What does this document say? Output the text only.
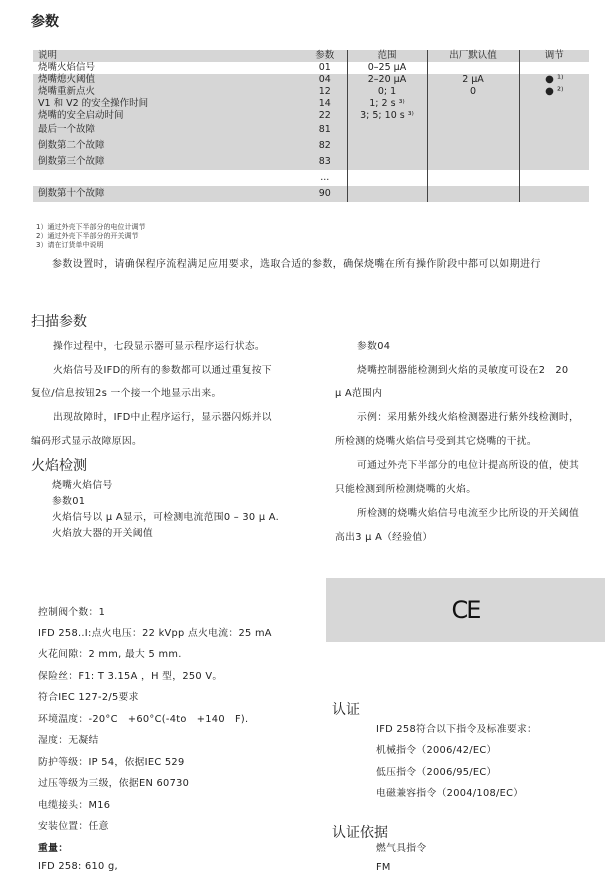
参数
说明	参数	范围	出厂默认值	调节
烧嘴火焰信号	01	0–25 μA		
烧嘴熄火阈值	04	2–20 μA	2 μA	● ¹⁾
烧嘴重新点火	12	0; 1	0	● ²⁾
V1 和 V2 的安全操作时间	14	1; 2 s ³⁾		
烧嘴的安全启动时间	22	3; 5; 10 s ³⁾		
最后一个故障	81			
倒数第二个故障	82			
倒数第三个故障	83			
	...			
倒数第十个故障	90			
1）通过外壳下半部分的电位计调节
2）通过外壳下半部分的开关调节
3）请在订货单中说明
参数设置时，请确保程序流程满足应用要求，选取合适的参数，确保烧嘴在所有操作阶段中都可以如期进行
扫描参数
操作过程中，七段显示器可显示程序运行状态。
火焰信号及IFD的所有的参数都可以通过重复按下
复位/信息按钮2s 一个接一个地显示出来。
出现故障时，IFD中止程序运行，显示器闪烁并以
编码形式显示故障原因。
火焰检测
烧嘴火焰信号
参数01
火焰信号以 μ A显示，可检测电流范围0 – 30 μ A.
火焰放大器的开关阈值
参数04
烧嘴控制器能检测到火焰的灵敏度可设在2　20
μ A范围内
示例：采用紫外线火焰检测器进行紫外线检测时，
所检测的烧嘴火焰信号受到其它烧嘴的干扰。
可通过外壳下半部分的电位计提高所设的值，使其
只能检测到所检测烧嘴的火焰。
所检测的烧嘴火焰信号电流至少比所设的开关阈值
高出3 μ A（经验值）
控制阀个数：1
IFD 258..I:点火电压：22 kVpp 点火电流：25 mA
火花间隙：2 mm, 最大 5 mm.
保险丝：F1: T 3.15A ，H 型，250 V。
符合IEC 127-2/5要求
环境温度：-20°C　+60°C(-4to　+140　F).
湿度：无凝结
防护等级：IP 54，依据IEC 529
过压等级为三级，依据EN 60730
电缆接头：M16
安装位置：任意
重量：
IFD 258: 610 g,
CE
认证
IFD 258符合以下指令及标准要求：
机械指令（2006/42/EC）
低压指令（2006/95/EC）
电磁兼容指令（2004/108/EC）
认证依据
燃气具指令
FM
